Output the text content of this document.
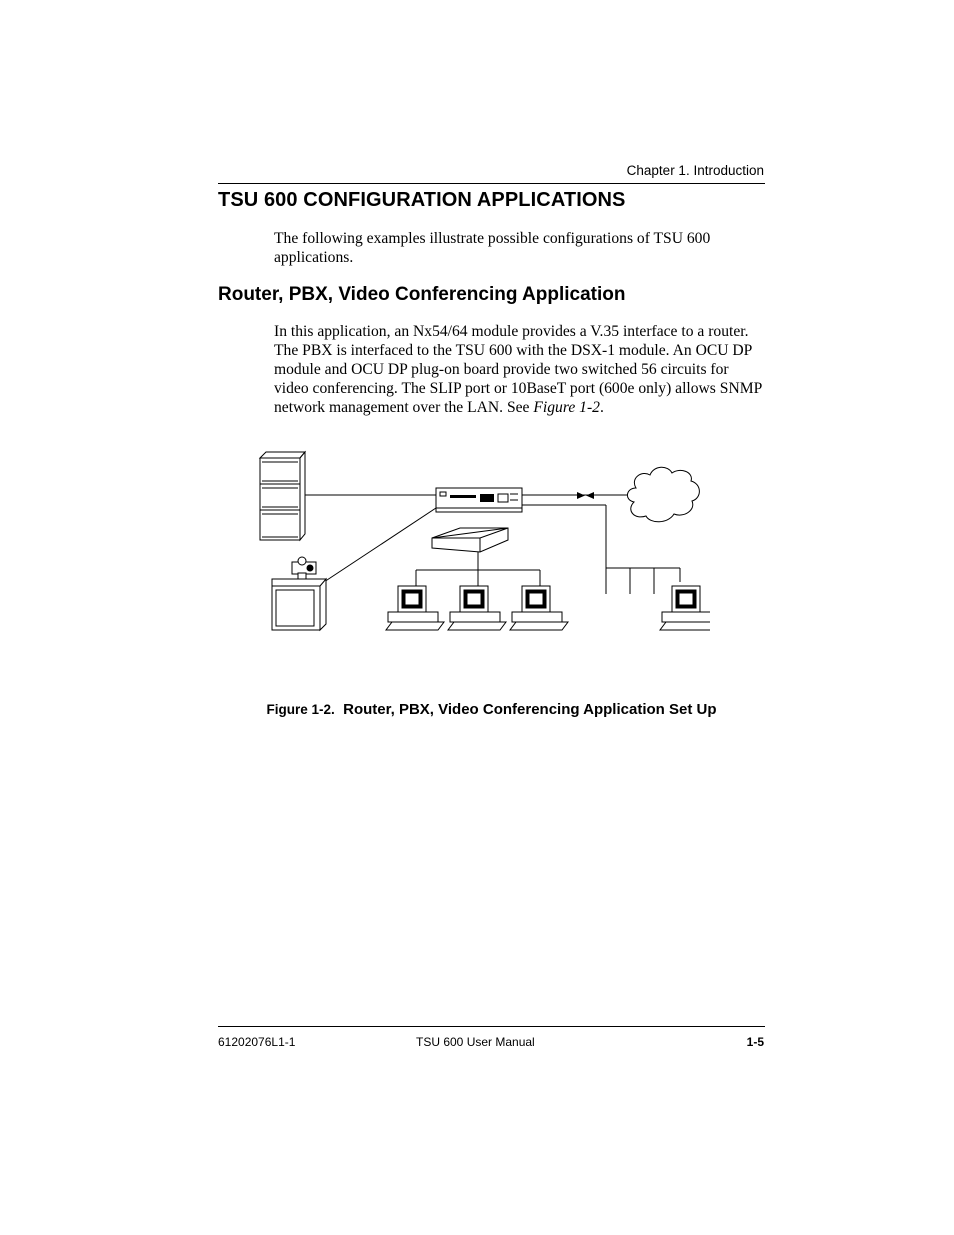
Chapter 1. Introduction
TSU 600 CONFIGURATION APPLICATIONS
The following examples illustrate possible configurations of TSU 600 applications.
Router, PBX, Video Conferencing Application
In this application, an Nx54/64 module provides a V.35 interface to a router. The PBX is interfaced to the TSU 600 with the DSX-1 module. An OCU DP module and OCU DP plug-on board provide two switched 56 circuits for video conferencing. The SLIP port or 10BaseT port (600e only) allows SNMP network management over the LAN. See Figure 1-2.
Figure 1-2. Router, PBX, Video Conferencing Application Set Up
61202076L1-1	TSU 600 User Manual	1-5
